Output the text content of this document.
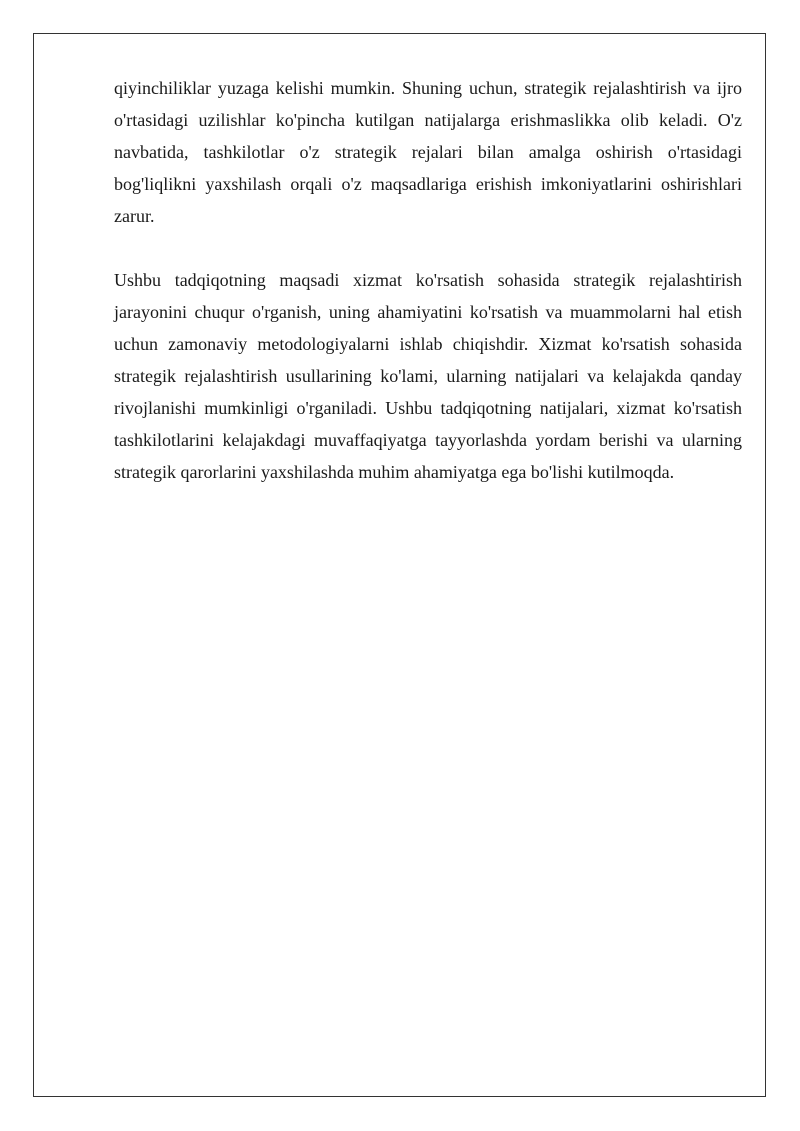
qiyinchiliklar yuzaga kelishi mumkin. Shuning uchun, strategik rejalashtirish va ijro o'rtasidagi uzilishlar ko'pincha kutilgan natijalarga erishmaslikka olib keladi. O'z navbatida, tashkilotlar o'z strategik rejalari bilan amalga oshirish o'rtasidagi bog'liqlikni yaxshilash orqali o'z maqsadlariga erishish imkoniyatlarini oshirishlari zarur.

Ushbu tadqiqotning maqsadi xizmat ko'rsatish sohasida strategik rejalashtirish jarayonini chuqur o'rganish, uning ahamiyatini ko'rsatish va muammolarni hal etish uchun zamonaviy metodologiyalarni ishlab chiqishdir. Xizmat ko'rsatish sohasida strategik rejalashtirish usullarining ko'lami, ularning natijalari va kelajakda qanday rivojlanishi mumkinligi o'rganiladi. Ushbu tadqiqotning natijalari, xizmat ko'rsatish tashkilotlarini kelajakdagi muvaffaqiyatga tayyorlashda yordam berishi va ularning strategik qarorlarini yaxshilashda muhim ahamiyatga ega bo'lishi kutilmoqda.
